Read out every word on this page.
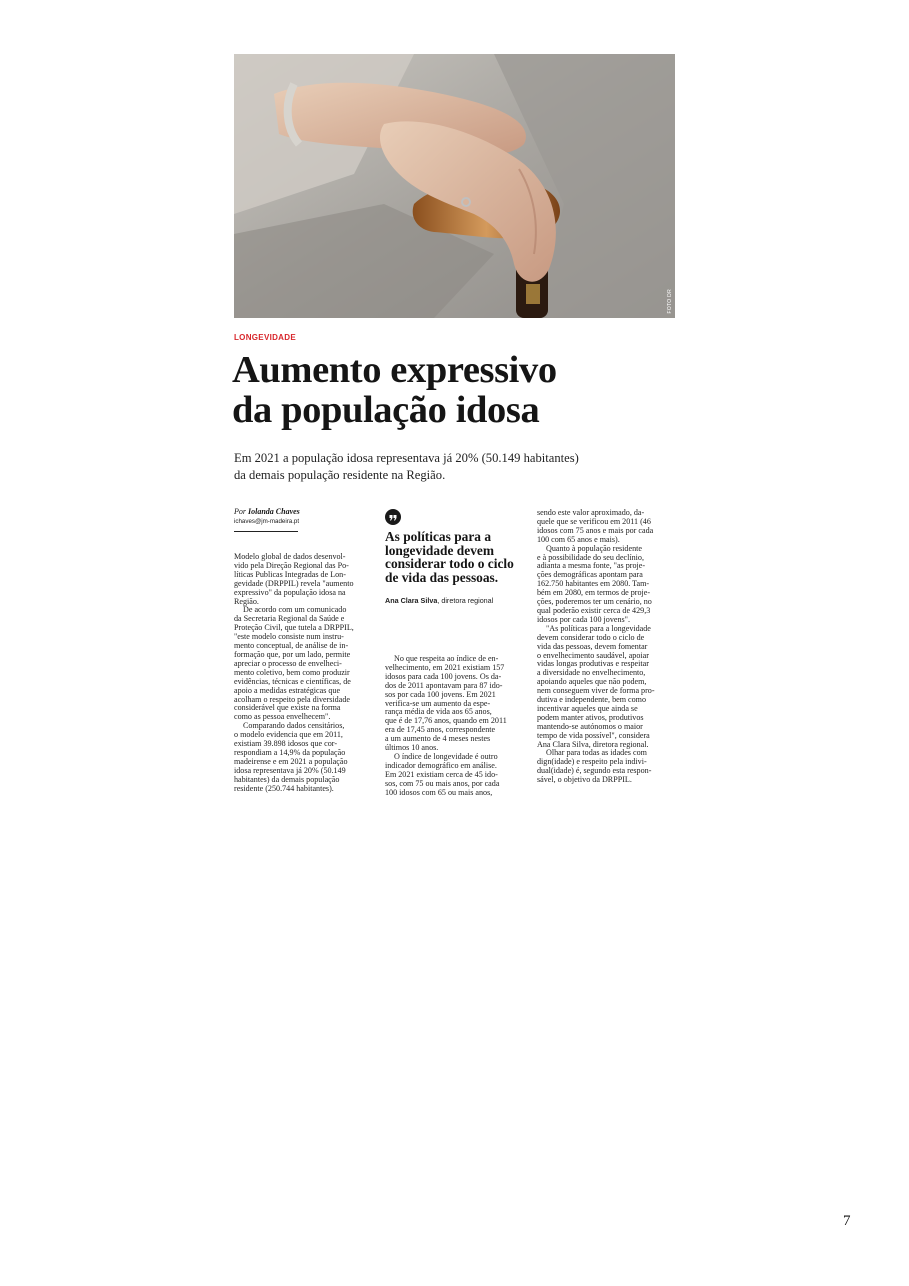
FOTO DR
LONGEVIDADE
Aumento expressivo
da população idosa
Em 2021 a população idosa representava já 20% (50.149 habitantes)
da demais população residente na Região.
Por Iolanda Chaves
ichaves@jm-madeira.pt
Modelo global de dados desenvol-
vido pela Direção Regional das Po-
líticas Publicas Integradas de Lon-
gevidade (DRPPIL) revela "aumento
expressivo" da população idosa na
Região.
De acordo com um comunicado
da Secretaria Regional da Saúde e
Proteção Civil, que tutela a DRPPIL,
"este modelo consiste num instru-
mento conceptual, de análise de in-
formação que, por um lado, permite
apreciar o processo de envelheci-
mento coletivo, bem como produzir
evidências, técnicas e científicas, de
apoio a medidas estratégicas que
acolham o respeito pela diversidade
considerável que existe na forma
como as pessoa envelhecem".
Comparando dados censitários,
o modelo evidencia que em 2011,
existiam 39.898 idosos que cor-
respondiam a 14,9% da população
madeirense e em 2021 a população
idosa representava já 20% (50.149
habitantes) da demais população
residente (250.744 habitantes).
As políticas para a
longevidade devem
considerar todo o ciclo
de vida das pessoas.
Ana Clara Silva, diretora regional
No que respeita ao índice de en-
velhecimento, em 2021 existiam 157
idosos para cada 100 jovens. Os da-
dos de 2011 apontavam para 87 ido-
sos por cada 100 jovens. Em 2021
verifica-se um aumento da espe-
rança média de vida aos 65 anos,
que é de 17,76 anos, quando em 2011
era de 17,45 anos, correspondente
a um aumento de 4 meses nestes
últimos 10 anos.
O índice de longevidade é outro
indicador demográfico em análise.
Em 2021 existiam cerca de 45 ido-
sos, com 75 ou mais anos, por cada
100 idosos com 65 ou mais anos,
sendo este valor aproximado, da-
quele que se verificou em 2011 (46
idosos com 75 anos e mais por cada
100 com 65 anos e mais).
Quanto à população residente
e à possibilidade do seu declínio,
adianta a mesma fonte, "as proje-
ções demográficas apontam para
162.750 habitantes em 2080. Tam-
bém em 2080, em termos de proje-
ções, poderemos ter um cenário, no
qual poderão existir cerca de 429,3
idosos por cada 100 jovens".
"As políticas para a longevidade
devem considerar todo o ciclo de
vida das pessoas, devem fomentar
o envelhecimento saudável, apoiar
vidas longas produtivas e respeitar
a diversidade no envelhecimento,
apoiando aqueles que não podem,
nem conseguem viver de forma pro-
dutiva e independente, bem como
incentivar aqueles que ainda se
podem manter ativos, produtivos
mantendo-se autónomos o maior
tempo de vida possível", considera
Ana Clara Silva, diretora regional.
Olhar para todas as idades com
dign(idade) e respeito pela indivi-
dual(idade) é, segundo esta respon-
sável, o objetivo da DRPPIL.
7
